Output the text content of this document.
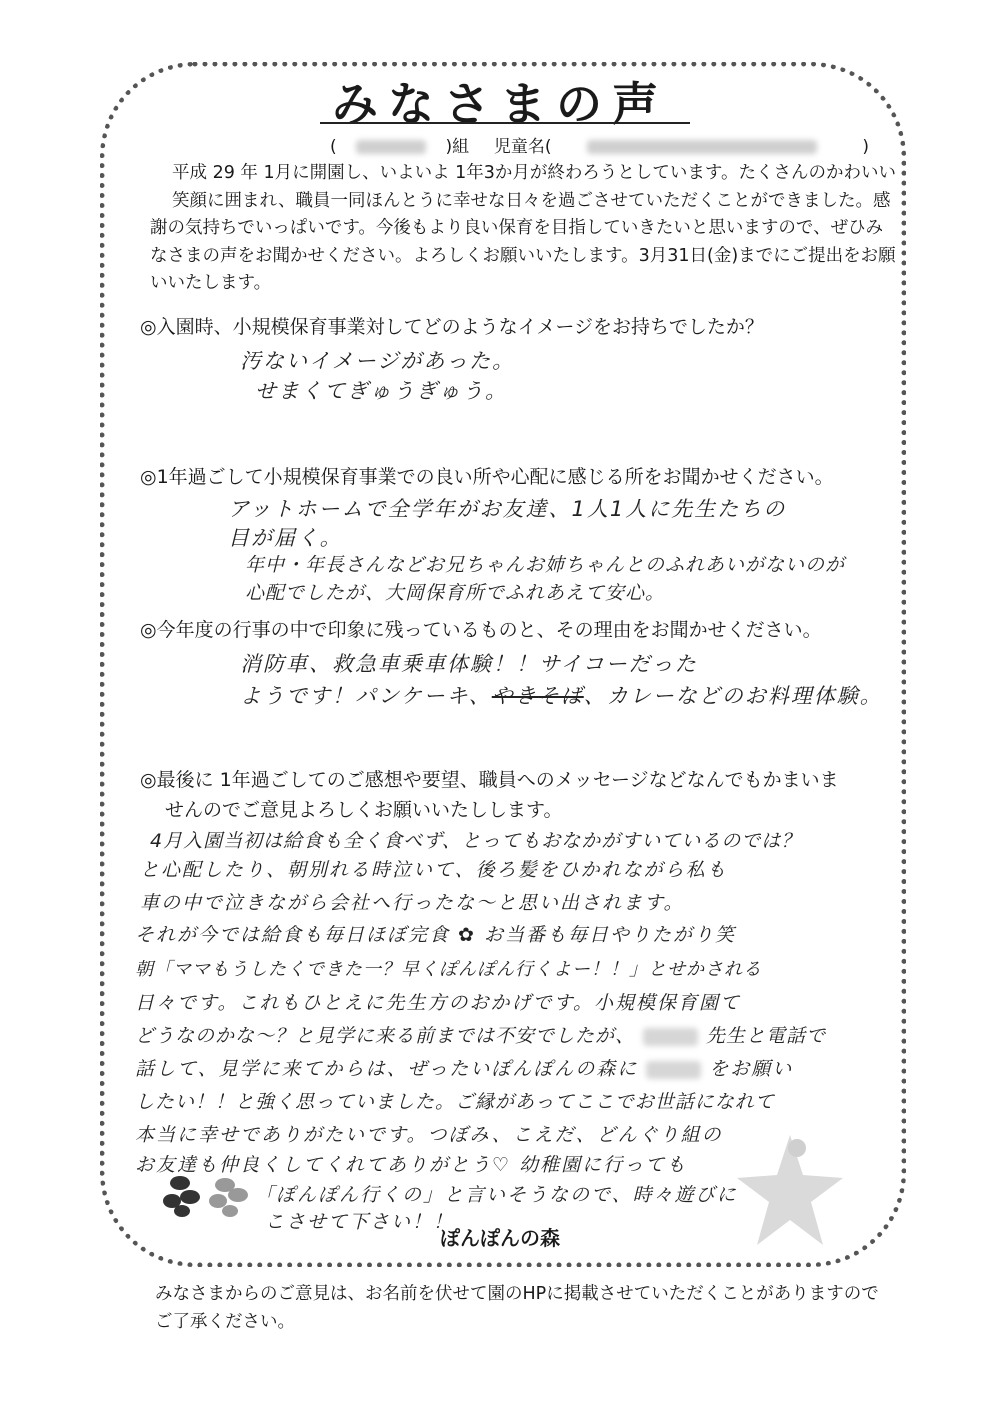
みなさまの声
(	)組 児童名(	)

平成 29 年 1月に開園し、いよいよ 1年3か月が終わろうとしています。たくさんのかわいい

笑顔に囲まれ、職員一同ほんとうに幸せな日々を過ごさせていただくことができました。感

謝の気持ちでいっぱいです。今後もより良い保育を目指していきたいと思いますので、ぜひみ

なさまの声をお聞かせください。よろしくお願いいたします。3月31日(金)までにご提出をお願

いいたします。

◎入園時、小規模保育事業対してどのようなイメージをお持ちでしたか？
汚ないイメージがあった。
せまくてぎゅうぎゅう。
◎1年過ごして小規模保育事業での良い所や心配に感じる所をお聞かせください。
アットホームで全学年がお友達、1人1人に先生たちの
目が届く。
年中・年長さんなどお兄ちゃんお姉ちゃんとのふれあいがないのが
心配でしたが、大岡保育所でふれあえて安心。
◎今年度の行事の中で印象に残っているものと、その理由をお聞かせください。
消防車、救急車乗車体験！！サイコーだった
ようです！パンケーキ、やきそば、カレーなどのお料理体験。
◎最後に 1年過ごしてのご感想や要望、職員へのメッセージなどなんでもかまいま
せんのでご意見よろしくお願いいたしします。
4月入園当初は給食も全く食べず、とってもおなかがすいているのでは？
と心配したり、朝別れる時泣いて、後ろ髪をひかれながら私も
車の中で泣きながら会社へ行ったな～と思い出されます。
それが今では給食も毎日ほぼ完食 ✿ お当番も毎日やりたがり笑
朝「ママもうしたくできた一？早くぽんぽん行くよー！！」とせかされる
日々です。これもひとえに先生方のおかげです。小規模保育園て
どうなのかな～？と見学に来る前までは不安でしたが、	先生と電話で
話して、見学に来てからは、ぜったいぽんぽんの森に	をお願い
したい！！と強く思っていました。ご縁があってここでお世話になれて
本当に幸せでありがたいです。つぼみ、こえだ、どんぐり組の
お友達も仲良くしてくれてありがとう♡ 幼稚園に行っても
「ぽんぽん行くの」と言いそうなので、時々遊びに
こさせて下さい！！
ぽんぽんの森

みなさまからのご意見は、お名前を伏せて園のHPに掲載させていただくことがありますので

ご了承ください。
